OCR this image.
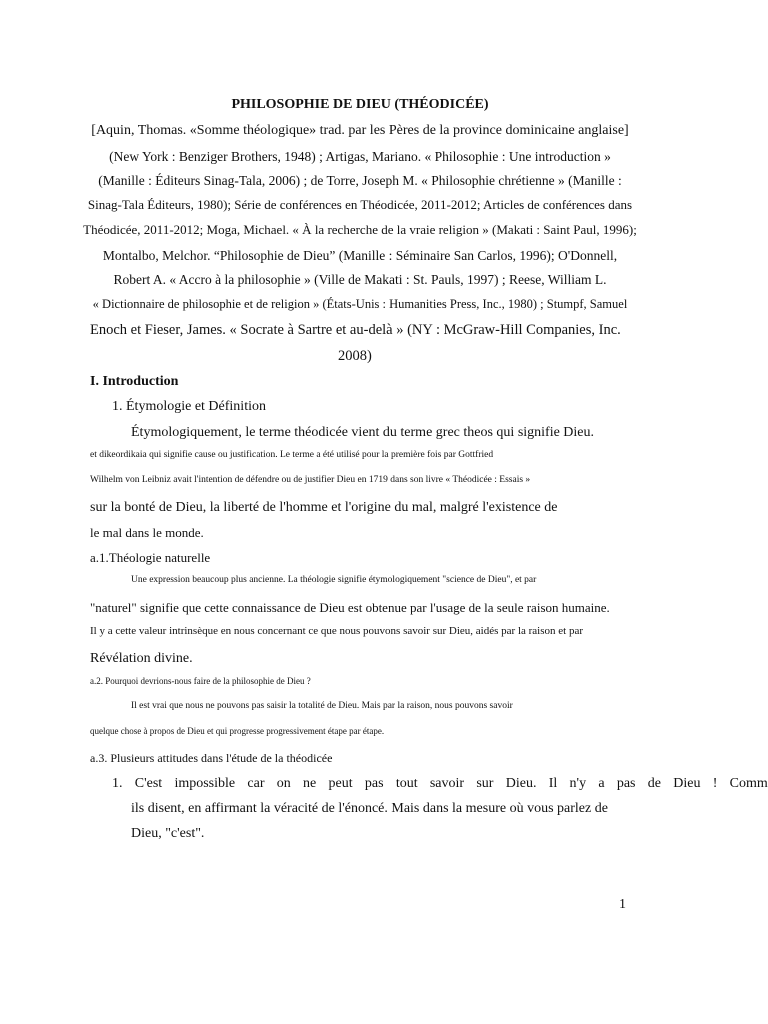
PHILOSOPHIE DE DIEU (THÉODICÉE)
[Aquin, Thomas. «Somme théologique» trad. par les Pères de la province dominicaine anglaise]
(New York : Benziger Brothers, 1948) ; Artigas, Mariano. « Philosophie : Une introduction »
(Manille : Éditeurs Sinag-Tala, 2006) ; de Torre, Joseph M. « Philosophie chrétienne » (Manille :
Sinag-Tala Éditeurs, 1980); Série de conférences en Théodicée, 2011-2012; Articles de conférences dans
Théodicée, 2011-2012; Moga, Michael. « À la recherche de la vraie religion » (Makati : Saint Paul, 1996);
Montalbo, Melchor. “Philosophie de Dieu” (Manille : Séminaire San Carlos, 1996); O'Donnell,
Robert A. « Accro à la philosophie » (Ville de Makati : St. Pauls, 1997) ; Reese, William L.
« Dictionnaire de philosophie et de religion » (États-Unis : Humanities Press, Inc., 1980) ; Stumpf, Samuel
Enoch et Fieser, James. « Socrate à Sartre et au-delà » (NY : McGraw-Hill Companies, Inc.
2008)
I. Introduction
1. Étymologie et Définition
Étymologiquement, le terme théodicée vient du terme grec theos qui signifie Dieu.
et dikeordikaia qui signifie cause ou justification. Le terme a été utilisé pour la première fois par Gottfried
Wilhelm von Leibniz avait l'intention de défendre ou de justifier Dieu en 1719 dans son livre « Théodicée : Essais »
sur la bonté de Dieu, la liberté de l'homme et l'origine du mal, malgré l'existence de
le mal dans le monde.
a.1.Théologie naturelle
Une expression beaucoup plus ancienne. La théologie signifie étymologiquement "science de Dieu", et par
"naturel" signifie que cette connaissance de Dieu est obtenue par l'usage de la seule raison humaine.
Il y a cette valeur intrinsèque en nous concernant ce que nous pouvons savoir sur Dieu, aidés par la raison et par
Révélation divine.
a.2. Pourquoi devrions-nous faire de la philosophie de Dieu ?
Il est vrai que nous ne pouvons pas saisir la totalité de Dieu. Mais par la raison, nous pouvons savoir
quelque chose à propos de Dieu et qui progresse progressivement étape par étape.
a.3. Plusieurs attitudes dans l'étude de la théodicée
1. C'est impossible car on ne peut pas tout savoir sur Dieu. Il n'y a pas de Dieu ! Comm
ils disent, en affirmant la véracité de l'énoncé. Mais dans la mesure où vous parlez de
Dieu, "c'est".
1
